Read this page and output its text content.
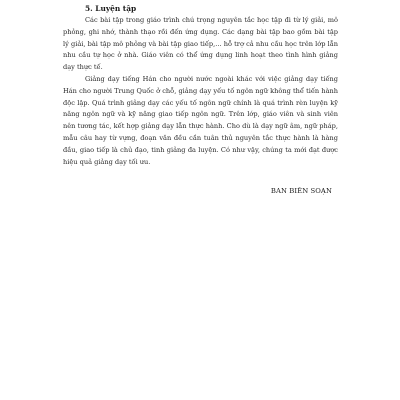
5. Luyện tập

Các bài tập trong giáo trình chú trọng nguyên tắc học tập đi từ lý giải, mô phỏng, ghi nhớ, thành thạo rồi đến ứng dụng. Các dạng bài tập bao gồm bài tập lý giải, bài tập mô phỏng và bài tập giao tiếp,... hỗ trợ cả nhu cầu học trên lớp lẫn nhu cầu tự học ở nhà. Giáo viên có thể ứng dụng linh hoạt theo tình hình giảng dạy thực tế.

Giảng dạy tiếng Hán cho người nước ngoài khác với việc giảng dạy tiếng Hán cho người Trung Quốc ở chỗ, giảng dạy yếu tố ngôn ngữ không thể tiến hành độc lập. Quá trình giảng dạy các yếu tố ngôn ngữ chính là quá trình rèn luyện kỹ năng ngôn ngữ và kỹ năng giao tiếp ngôn ngữ. Trên lớp, giáo viên và sinh viên nên tương tác, kết hợp giảng dạy lẫn thực hành. Cho dù là dạy ngữ âm, ngữ pháp, mẫu câu hay từ vựng, đoạn văn đều cần tuân thủ nguyên tắc thực hành là hàng đầu, giao tiếp là chủ đạo, tinh giảng đa luyện. Có như vậy, chúng ta mới đạt được hiệu quả giảng dạy tối ưu.

BAN BIÊN SOẠN
